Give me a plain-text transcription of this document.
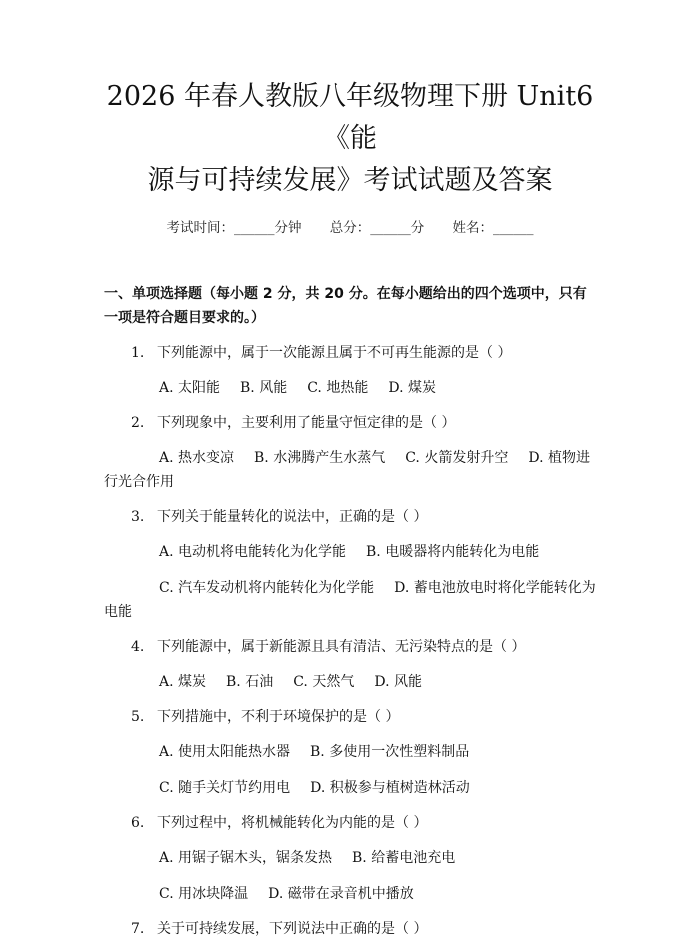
2026 年春人教版八年级物理下册 Unit6《能
源与可持续发展》考试试题及答案
考试时间：______分钟 总分：______分 姓名：______
一、单项选择题（每小题 2 分，共 20 分。在每小题给出的四个选项中，只有一项是符合题目要求的。）
1. 下列能源中，属于一次能源且属于不可再生能源的是（ ）
A. 太阳能 B. 风能 C. 地热能 D. 煤炭
2. 下列现象中，主要利用了能量守恒定律的是（ ）
A. 热水变凉 B. 水沸腾产生水蒸气 C. 火箭发射升空 D. 植物进行光合作用
3. 下列关于能量转化的说法中，正确的是（ ）
A. 电动机将电能转化为化学能 B. 电暖器将内能转化为电能
C. 汽车发动机将内能转化为化学能 D. 蓄电池放电时将化学能转化为电能
4. 下列能源中，属于新能源且具有清洁、无污染特点的是（ ）
A. 煤炭 B. 石油 C. 天然气 D. 风能
5. 下列措施中，不利于环境保护的是（ ）
A. 使用太阳能热水器 B. 多使用一次性塑料制品
C. 随手关灯节约用电 D. 积极参与植树造林活动
6. 下列过程中，将机械能转化为内能的是（ ）
A. 用锯子锯木头，锯条发热 B. 给蓄电池充电
C. 用冰块降温 D. 磁带在录音机中播放
7. 关于可持续发展，下列说法中正确的是（ ）
